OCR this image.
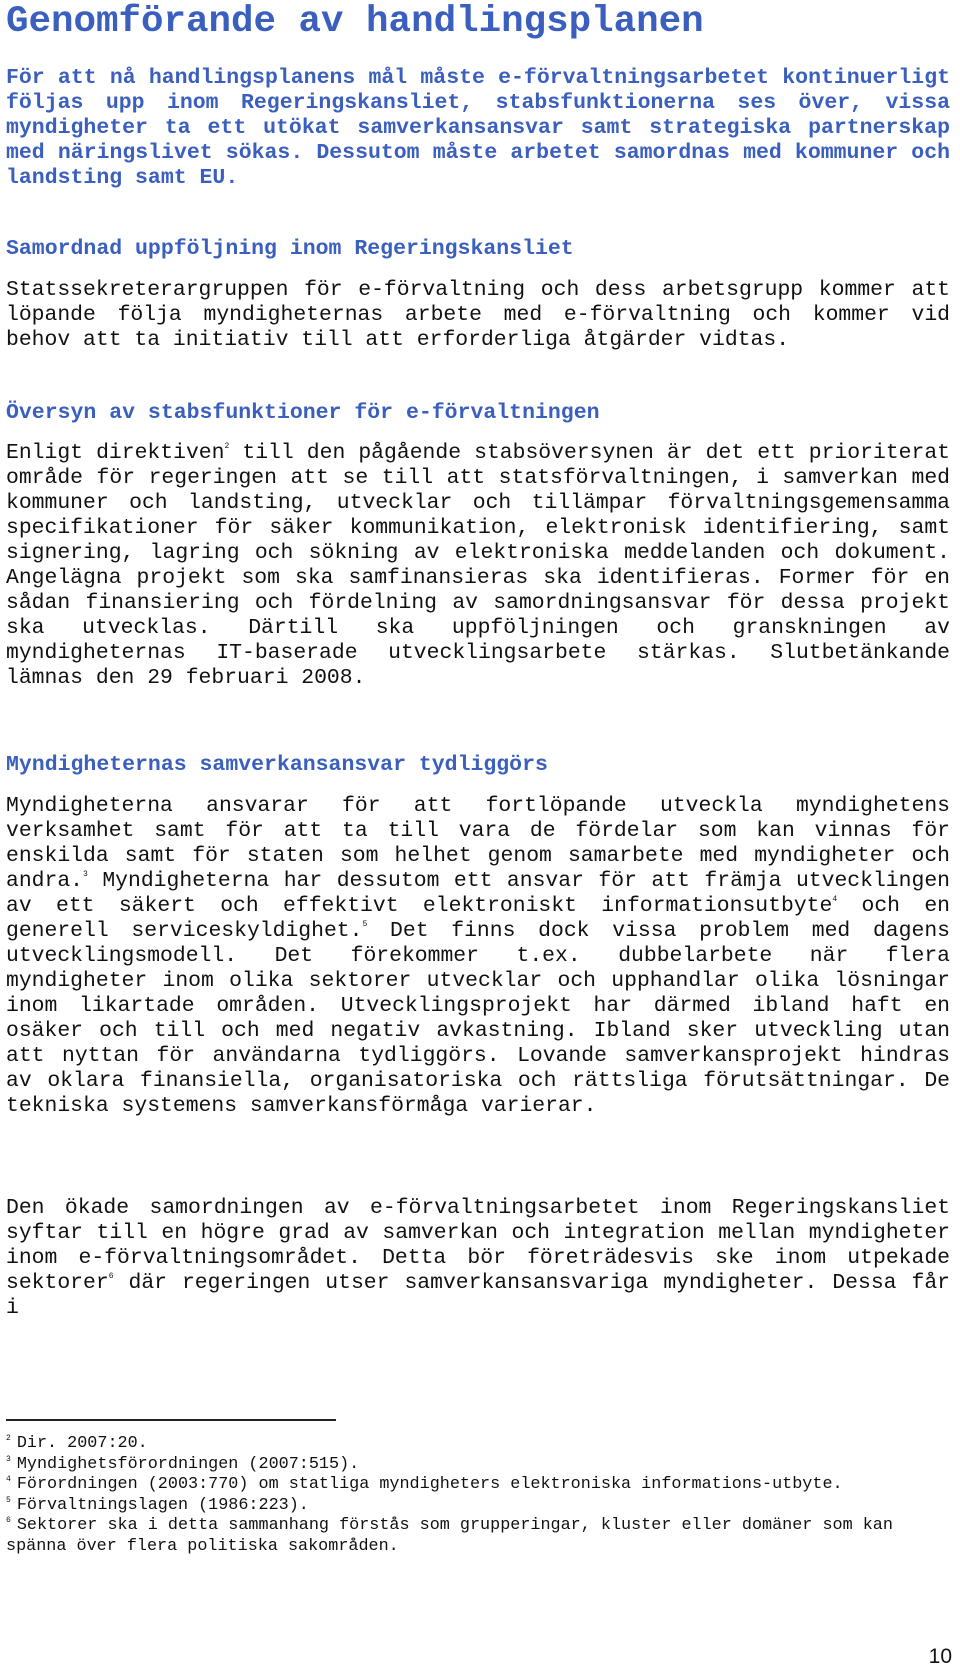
Genomförande av handlingsplanen

För att nå handlingsplanens mål måste e-förvaltningsarbetet kontinuerligt följas upp inom Regeringskansliet, stabsfunktionerna ses över, vissa myndigheter ta ett utökat samverkansansvar samt strategiska partnerskap med näringslivet sökas. Dessutom måste arbetet samordnas med kommuner och landsting samt EU.

Samordnad uppföljning inom Regeringskansliet

Statssekreterargruppen för e-förvaltning och dess arbetsgrupp kommer att löpande följa myndigheternas arbete med e-förvaltning och kommer vid behov att ta initiativ till att erforderliga åtgärder vidtas.

Översyn av stabsfunktioner för e-förvaltningen

Enligt direktiven$^2$ till den pågående stabsöversynen är det ett prioriterat område för regeringen att se till att statsförvaltningen, i samverkan med kommuner och landsting, utvecklar och tillämpar förvaltningsgemensamma specifikationer för säker kommunikation, elektronisk identifiering, samt signering, lagring och sökning av elektroniska meddelanden och dokument. Angelägna projekt som ska samfinansieras ska identifieras. Former för en sådan finansiering och fördelning av samordningsansvar för dessa projekt ska utvecklas. Därtill ska uppföljningen och granskningen av myndigheternas IT-baserade utvecklingsarbete stärkas. Slutbetänkande lämnas den 29 februari 2008.

Myndigheternas samverkansansvar tydliggörs

Myndigheterna ansvarar för att fortlöpande utveckla myndighetens verksamhet samt för att ta till vara de fördelar som kan vinnas för enskilda samt för staten som helhet genom samarbete med myndigheter och andra.$^3$ Myndigheterna har dessutom ett ansvar för att främja utvecklingen av ett säkert och effektivt elektroniskt informationsutbyte$^4$ och en generell serviceskyldighet.$^5$ Det finns dock vissa problem med dagens utvecklingsmodell. Det förekommer t.ex. dubbelarbete när flera myndigheter inom olika sektorer utvecklar och upphandlar olika lösningar inom likartade områden. Utvecklingsprojekt har därmed ibland haft en osäker och till och med negativ avkastning. Ibland sker utveckling utan att nyttan för användarna tydliggörs. Lovande samverkansprojekt hindras av oklara finansiella, organisatoriska och rättsliga förutsättningar. De tekniska systemens samverkansförmåga varierar.

Den ökade samordningen av e-förvaltningsarbetet inom Regeringskansliet syftar till en högre grad av samverkan och integration mellan myndigheter inom e-förvaltningsområdet. Detta bör företrädesvis ske inom utpekade sektorer$^6$ där regeringen utser samverkansansvariga myndigheter. Dessa får i

$^2$ Dir. 2007:20.

$^3$ Myndighetsförordningen (2007:515).

$^4$ Förordningen (2003:770) om statliga myndigheters elektroniska informations-utbyte.

$^5$ Förvaltningslagen (1986:223).

$^6$ Sektorer ska i detta sammanhang förstås som grupperingar, kluster eller domäner som kan spänna över flera politiska sakområden.

10
